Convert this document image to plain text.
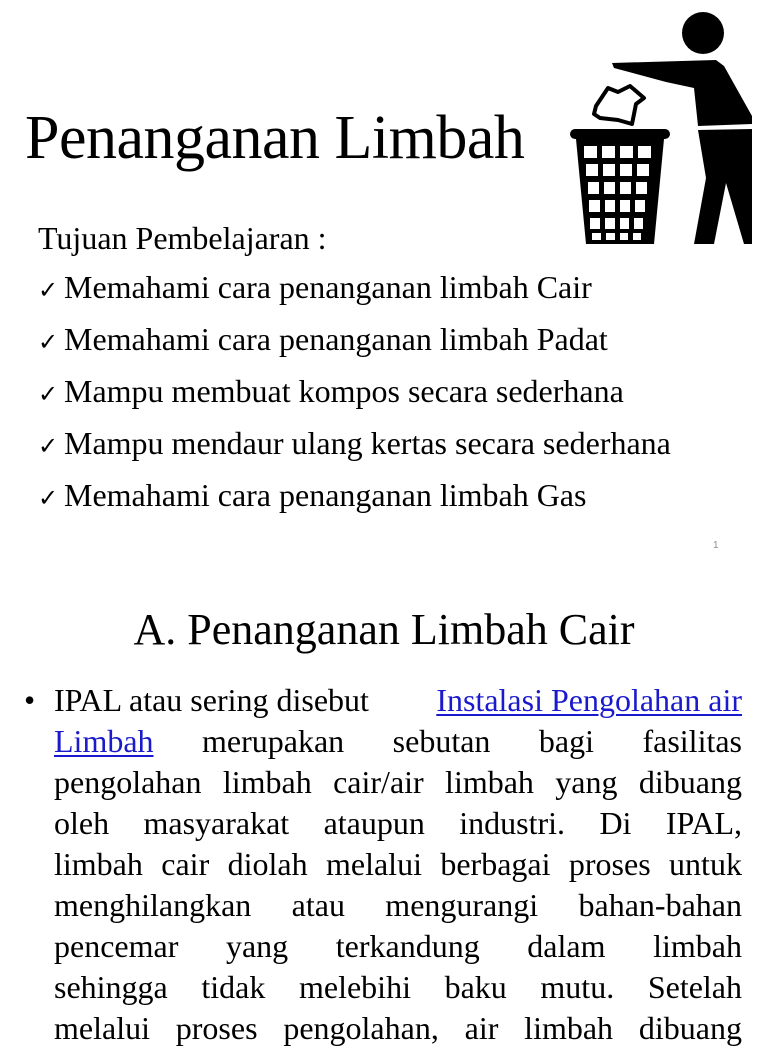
Penanganan Limbah
Tujuan Pembelajaran :
✓ Memahami cara penanganan limbah Cair
✓ Memahami cara penanganan limbah Padat
✓ Mampu membuat kompos secara sederhana
✓ Mampu mendaur ulang kertas secara sederhana
✓ Memahami cara penanganan limbah Gas
1
A. Penanganan Limbah Cair
• IPAL atau sering disebut Instalasi Pengolahan air
Limbah merupakan sebutan bagi fasilitas
pengolahan limbah cair/air limbah yang dibuang
oleh masyarakat ataupun industri. Di IPAL,
limbah cair diolah melalui berbagai proses untuk
menghilangkan atau mengurangi bahan-bahan
pencemar yang terkandung dalam limbah
sehingga tidak melebihi baku mutu. Setelah
melalui proses pengolahan, air limbah dibuang
